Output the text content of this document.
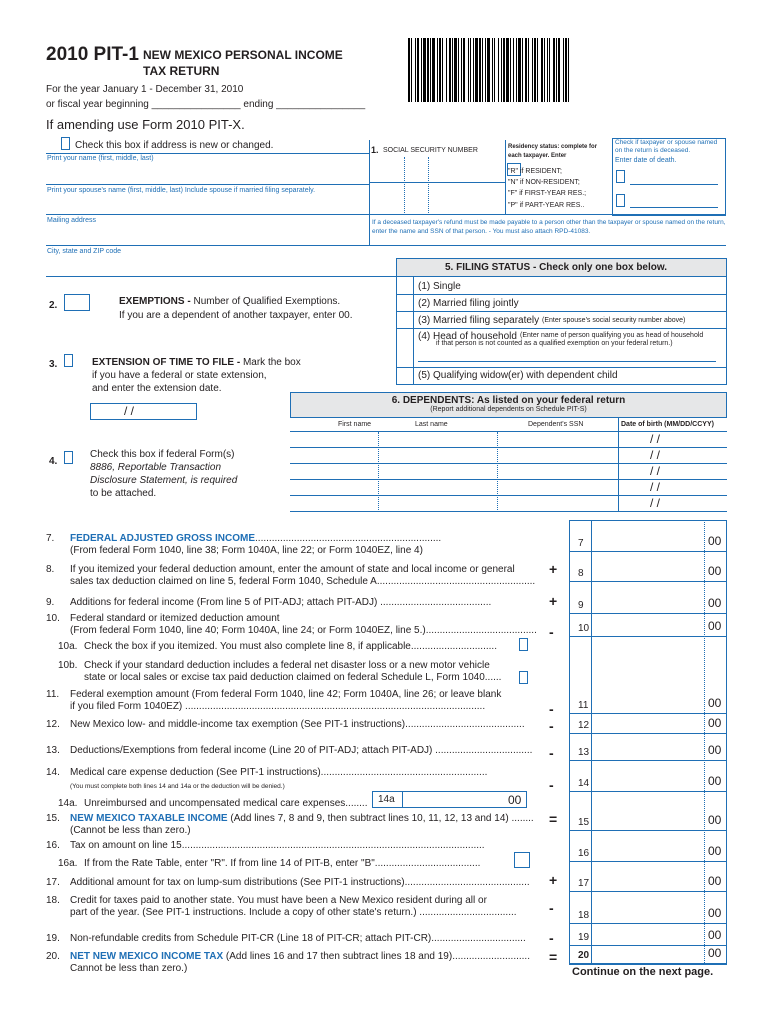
2010 PIT-1 NEW MEXICO PERSONAL INCOME
TAX RETURN
For the year January 1 - December 31, 2010
or fiscal year beginning ________________ ending ________________
If amending use Form 2010 PIT-X.
Check this box if address is new or changed.
Print your name (first, middle, last)
Print your spouse's name (first, middle, last) Include spouse if married filing separately.
Mailing address
City, state and ZIP code
1. SOCIAL SECURITY NUMBER	Residency status: complete for each taxpayer. Enter
"R" if RESIDENT;
"N" if NON-RESIDENT;
"F" if FIRST-YEAR RES.;
"P" if PART-YEAR RES..
Check if taxpayer or spouse named on the return is deceased.
Enter date of death.
If a deceased taxpayer's refund must be made payable to a person other than the taxpayer or spouse named on the return, enter the name and SSN of that person. - You must also attach RPD-41083.
5. FILING STATUS - Check only one box below.
(1) Single
(2) Married filing jointly
(3) Married filing separately (Enter spouse's social security number above)
(4) Head of household (Enter name of person qualifying you as head of household
if that person is not counted as a qualified exemption on your federal return.)
(5) Qualifying widow(er) with dependent child
2.	EXEMPTIONS - Number of Qualified Exemptions.
If you are a dependent of another taxpayer, enter 00.
3.	EXTENSION OF TIME TO FILE - Mark the box
if you have a federal or state extension,
and enter the extension date.
/ /
4.
Check this box if federal Form(s)
8886, Reportable Transaction
Disclosure Statement, is required
to be attached.
6. DEPENDENTS: As listed on your federal return
(Report additional dependents on Schedule PIT-S)
First name	Last name	Dependent's SSN	Date of birth (MM/DD/CCYY)
/ /
/ /
/ /
/ /
/ /
7. FEDERAL ADJUSTED GROSS INCOME...................................................................
(From federal Form 1040, line 38; Form 1040A, line 22; or Form 1040EZ, line 4)
7	00
8. If you itemized your federal deduction amount, enter the amount of state and local income or general
sales tax deduction claimed on line 5, federal Form 1040, Schedule A.........................................................
+ 8	00
9. Additions for federal income (From line 5 of PIT-ADJ; attach PIT-ADJ) ........................................	+ 9	00
10. Federal standard or itemized deduction amount
(From federal Form 1040, line 40; Form 1040A, line 24; or Form 1040EZ, line 5.)........................................ - 10	00
10a. Check the box if you itemized. You must also complete line 8, if applicable...............................
10b. Check if your standard deduction includes a federal net disaster loss or a new motor vehicle
state or local sales or excise tax paid deduction claimed on federal Schedule L, Form 1040......
11. Federal exemption amount (From federal Form 1040, line 42; Form 1040A, line 26; or leave blank
if you filed Form 1040EZ) ............................................................................................................	- 11	00
12. New Mexico low- and middle-income tax exemption (See PIT-1 instructions)........................................... - 12	00
13. Deductions/Exemptions from federal income (Line 20 of PIT-ADJ; attach PIT-ADJ) ................................... - 13	00
14. Medical care expense deduction (See PIT-1 instructions)............................................................
(You must complete both lines 14 and 14a or the deduction will be denied.)	- 14	00
14a. Unreimbursed and uncompensated medical care expenses........ 14a	00
15. NEW MEXICO TAXABLE INCOME (Add lines 7, 8 and 9, then subtract lines 10, 11, 12, 13 and 14) ........
(Cannot be less than zero.)
= 15	00
16. Tax on amount on line 15.............................................................................................................
16	00
16a. If from the Rate Table, enter "R". If from line 14 of PIT-B, enter "B"......................................
17. Additional amount for tax on lump-sum distributions (See PIT-1 instructions)............................................. + 17	00
18. Credit for taxes paid to another state. You must have been a New Mexico resident during all or
part of the year. (See PIT-1 instructions. Include a copy of other state's return.) ................................... - 18	00
19. Non-refundable credits from Schedule PIT-CR (Line 18 of PIT-CR; attach PIT-CR).................................. - 19	00
20. NET NEW MEXICO INCOME TAX (Add lines 16 and 17 then subtract lines 18 and 19)............................
Cannot be less than zero.)
= 20	00
Continue on the next page.
